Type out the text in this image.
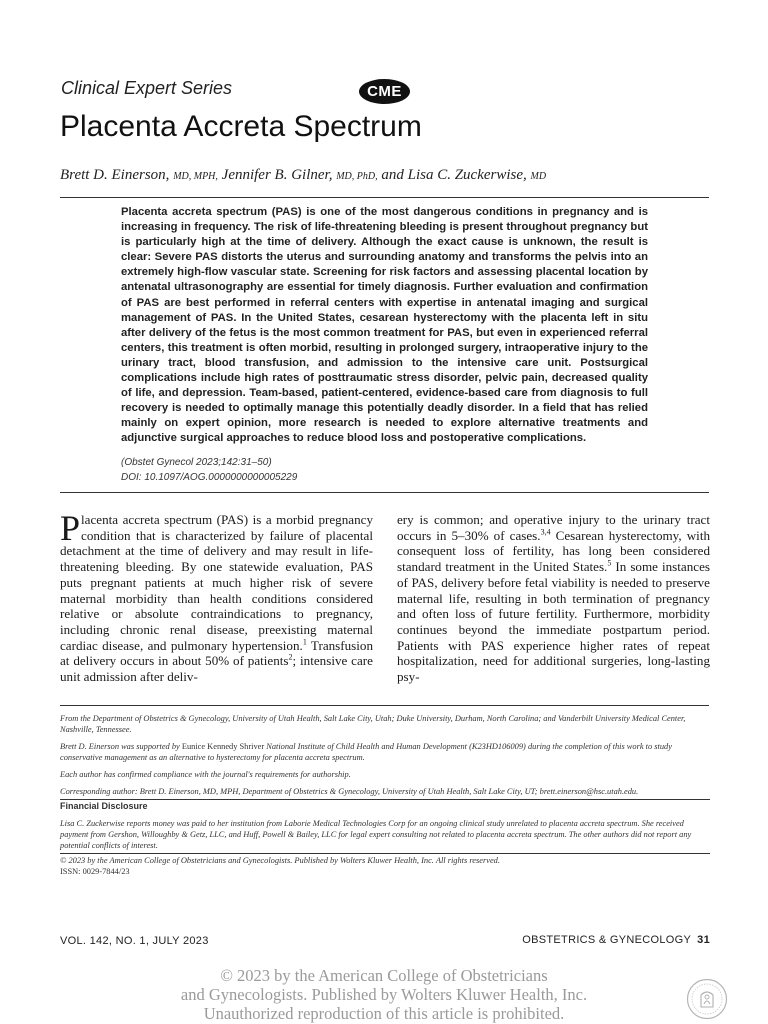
Clinical Expert Series	CME
Placenta Accreta Spectrum
Brett D. Einerson, MD, MPH, Jennifer B. Gilner, MD, PhD, and Lisa C. Zuckerwise, MD

Placenta accreta spectrum (PAS) is one of the most dangerous conditions in pregnancy and is increasing in frequency. The risk of life-threatening bleeding is present throughout pregnancy but is particularly high at the time of delivery. Although the exact cause is unknown, the result is clear: Severe PAS distorts the uterus and surrounding anatomy and transforms the pelvis into an extremely high-flow vascular state. Screening for risk factors and assessing placental location by antenatal ultrasonography are essential for timely diagnosis. Further evaluation and confirmation of PAS are best performed in referral centers with expertise in antenatal imaging and surgical management of PAS. In the United States, cesarean hysterectomy with the placenta left in situ after delivery of the fetus is the most common treatment for PAS, but even in experienced referral centers, this treatment is often morbid, resulting in prolonged surgery, intraoperative injury to the urinary tract, blood transfusion, and admission to the intensive care unit. Postsurgical complications include high rates of posttraumatic stress disorder, pelvic pain, decreased quality of life, and depression. Team-based, patient-centered, evidence-based care from diagnosis to full recovery is needed to optimally manage this potentially deadly disorder. In a field that has relied mainly on expert opinion, more research is needed to explore alternative treatments and adjunctive surgical approaches to reduce blood loss and postoperative complications.

(Obstet Gynecol 2023;142:31–50)
DOI: 10.1097/AOG.0000000000005229

Placenta accreta spectrum (PAS) is a morbid pregnancy condition that is characterized by failure of placental detachment at the time of delivery and may result in life-threatening bleeding. By one statewide evaluation, PAS puts pregnant patients at much higher risk of severe maternal morbidity than health conditions considered relative or absolute contraindications to pregnancy, including chronic renal disease, preexisting maternal cardiac disease, and pulmonary hypertension.$^1$ Transfusion at delivery occurs in about 50% of patients$^2$; intensive care unit admission after deliv-

ery is common; and operative injury to the urinary tract occurs in 5–30% of cases.$^{3,4}$ Cesarean hysterectomy, with consequent loss of fertility, has long been considered standard treatment in the United States.$^5$ In some instances of PAS, delivery before fetal viability is needed to preserve maternal life, resulting in both termination of pregnancy and often loss of future fertility. Furthermore, morbidity continues beyond the immediate postpartum period. Patients with PAS experience higher rates of repeat hospitalization, need for additional surgeries, long-lasting psy-

From the Department of Obstetrics & Gynecology, University of Utah Health, Salt Lake City, Utah; Duke University, Durham, North Carolina; and Vanderbilt University Medical Center, Nashville, Tennessee.

Brett D. Einerson was supported by Eunice Kennedy Shriver National Institute of Child Health and Human Development (K23HD106009) during the completion of this work to study conservative management as an alternative to hysterectomy for placenta accreta spectrum.

Each author has confirmed compliance with the journal's requirements for authorship.

Corresponding author: Brett D. Einerson, MD, MPH, Department of Obstetrics & Gynecology, University of Utah Health, Salt Lake City, UT; brett.einerson@hsc.utah.edu.

Financial Disclosure

Lisa C. Zuckerwise reports money was paid to her institution from Laborie Medical Technologies Corp for an ongoing clinical study unrelated to placenta accreta spectrum. She received payment from Gershon, Willoughby & Getz, LLC, and Huff, Powell & Bailey, LLC for legal expert consulting not related to placenta accreta spectrum. The other authors did not report any potential conflicts of interest.

© 2023 by the American College of Obstetricians and Gynecologists. Published by Wolters Kluwer Health, Inc. All rights reserved.

ISSN: 0029-7844/23

VOL. 142, NO. 1, JULY 2023	OBSTETRICS & GYNECOLOGY 31
© 2023 by the American College of Obstetricians
and Gynecologists. Published by Wolters Kluwer Health, Inc.
Unauthorized reproduction of this article is prohibited.
